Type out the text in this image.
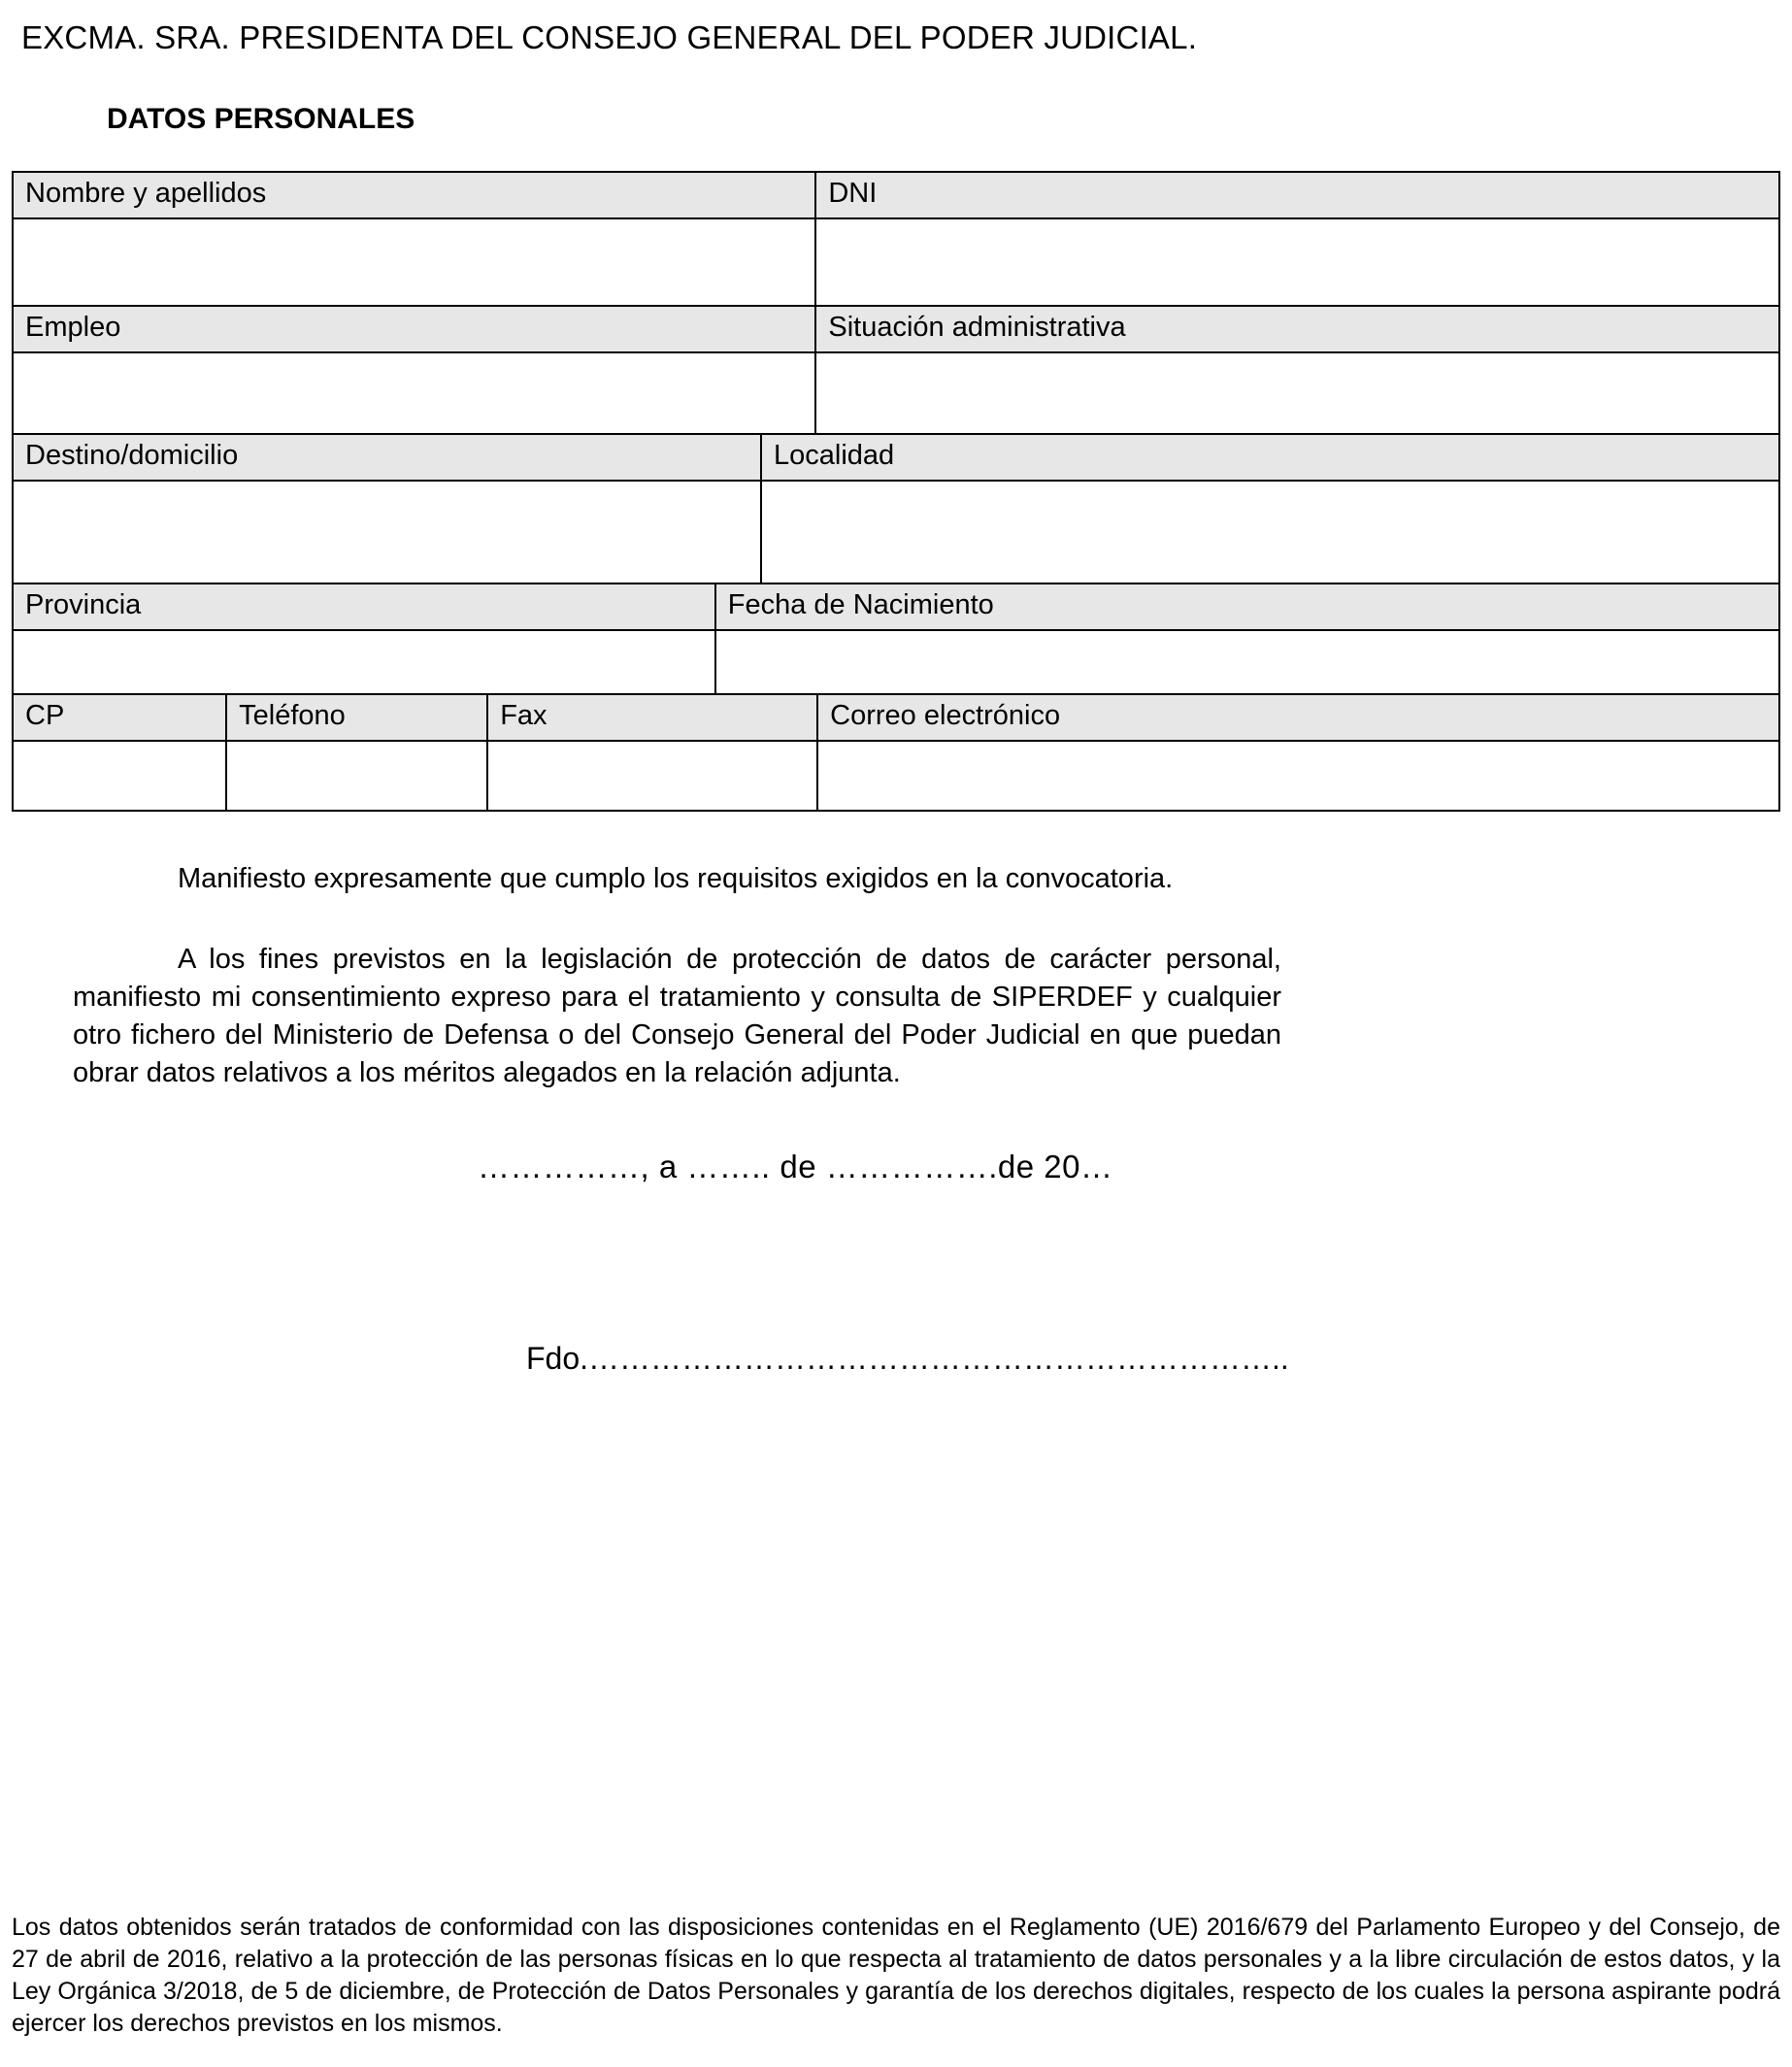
EXCMA. SRA. PRESIDENTA DEL CONSEJO GENERAL DEL PODER JUDICIAL.
DATOS PERSONALES
Nombre y apellidos	DNI
Empleo	Situación administrativa
Destino/domicilio	Localidad
Provincia	Fecha de Nacimiento
CP	Teléfono	Fax	Correo electrónico

Manifiesto expresamente que cumplo los requisitos exigidos en la convocatoria.

A los fines previstos en la legislación de protección de datos de carácter personal, manifiesto mi consentimiento expreso para el tratamiento y consulta de SIPERDEF y cualquier otro fichero del Ministerio de Defensa o del Consejo General del Poder Judicial en que puedan obrar datos relativos a los méritos alegados en la relación adjunta.

……………, a …….. de …………….de 20…
Fdo.…………………………………………………………..
Los datos obtenidos serán tratados de conformidad con las disposiciones contenidas en el Reglamento (UE) 2016/679 del Parlamento Europeo y del Consejo, de 27 de abril de 2016, relativo a la protección de las personas físicas en lo que respecta al tratamiento de datos personales y a la libre circulación de estos datos, y la Ley Orgánica 3/2018, de 5 de diciembre, de Protección de Datos Personales y garantía de los derechos digitales, respecto de los cuales la persona aspirante podrá ejercer los derechos previstos en los mismos.
